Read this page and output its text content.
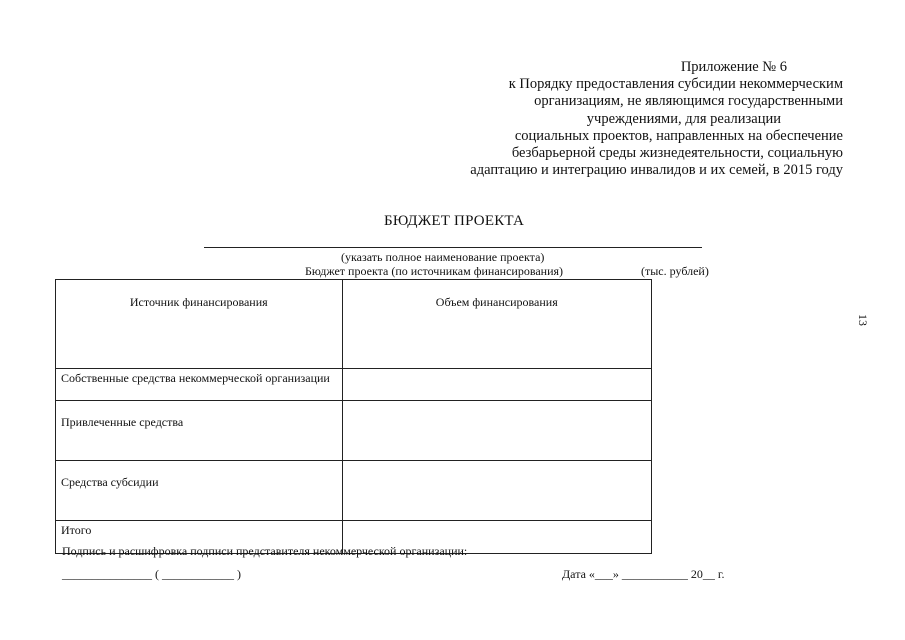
Приложение № 6
к Порядку предоставления субсидии некоммерческим
организациям, не являющимся государственными
учреждениями, для реализации
социальных проектов, направленных на обеспечение
безбарьерной среды жизнедеятельности, социальную
адаптацию и интеграцию инвалидов и их семей, в 2015 году
БЮДЖЕТ ПРОЕКТА
(указать полное наименование проекта)
Бюджет проекта (по источникам финансирования)	(тыс. рублей)
Источник финансирования	Объем финансирования
Собственные средства некоммерческой организации	
Привлеченные средства	
Средства субсидии	
Итого	
Подпись и расшифровка подписи представителя некоммерческой организации:
_______________ ( ____________ )	Дата «___» ___________ 20__ г.
13
